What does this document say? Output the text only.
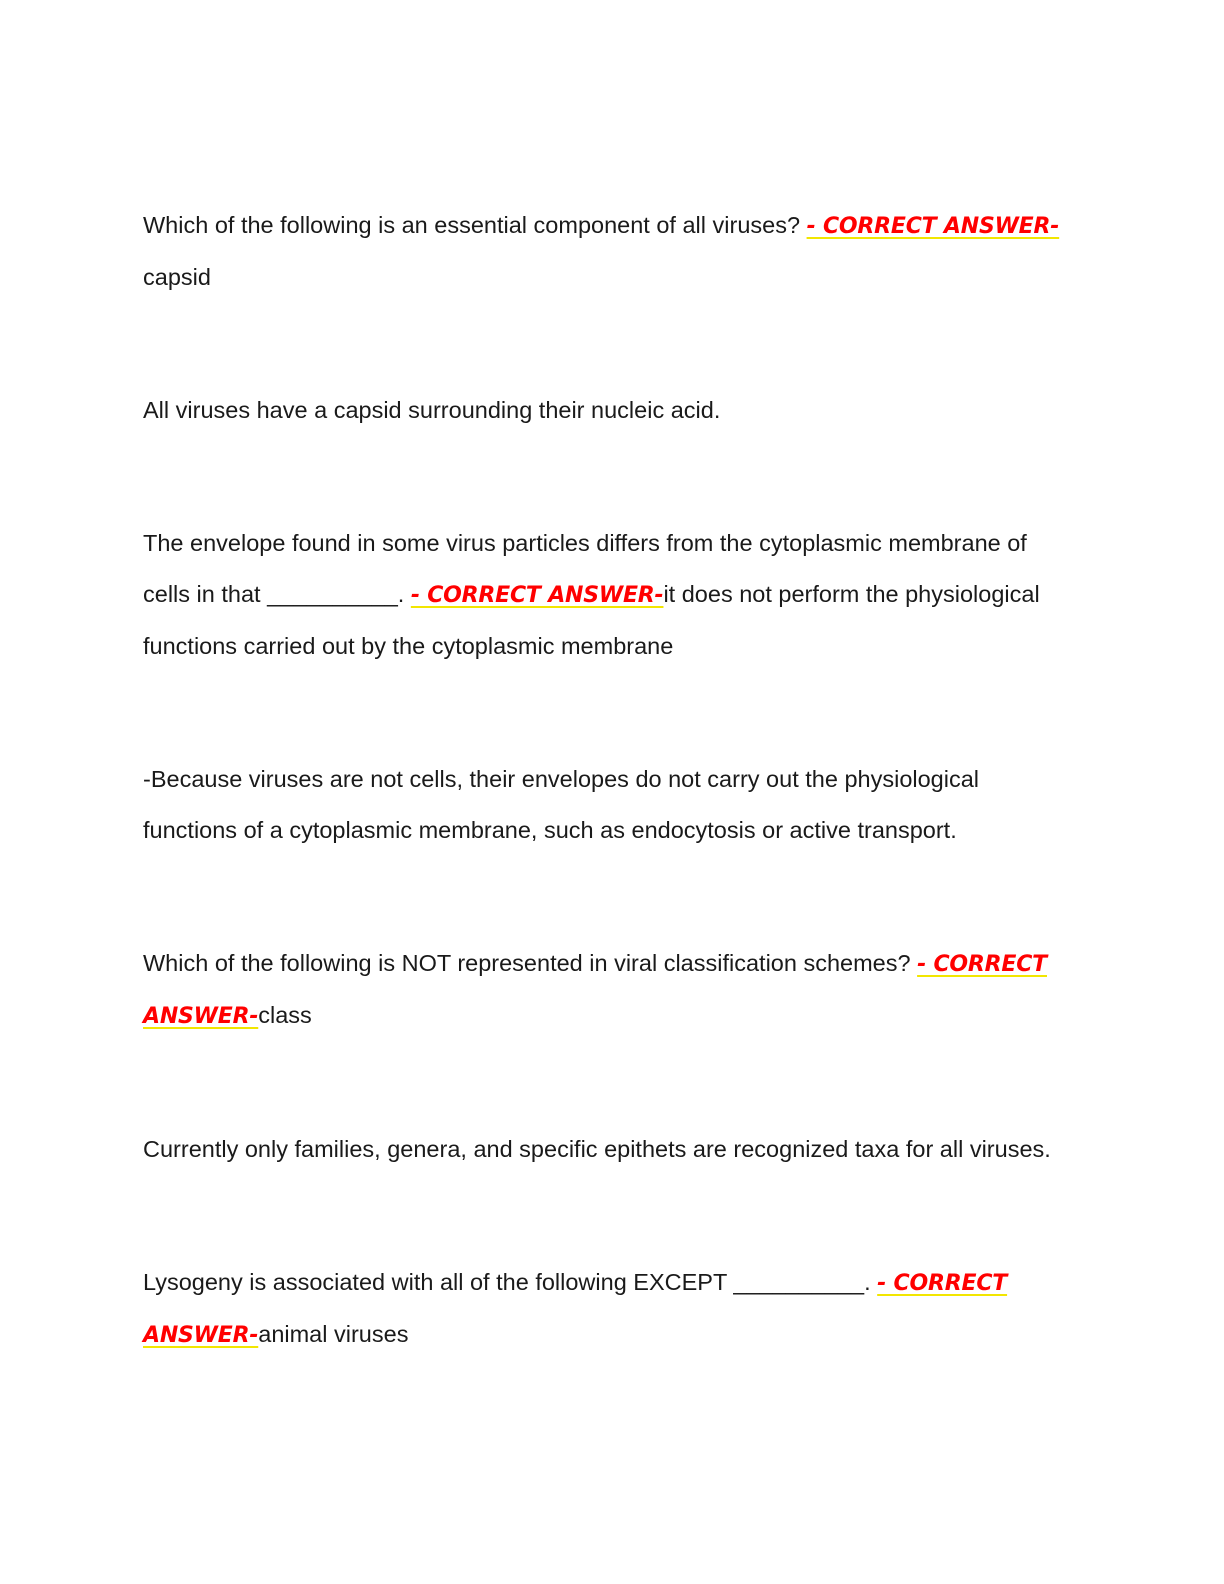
Which of the following is an essential component of all viruses? - CORRECT ANSWER-capsid

All viruses have a capsid surrounding their nucleic acid.

The envelope found in some virus particles differs from the cytoplasmic membrane of cells in that __________. - CORRECT ANSWER-it does not perform the physiological functions carried out by the cytoplasmic membrane

-Because viruses are not cells, their envelopes do not carry out the physiological functions of a cytoplasmic membrane, such as endocytosis or active transport.

Which of the following is NOT represented in viral classification schemes? - CORRECT ANSWER-class

Currently only families, genera, and specific epithets are recognized taxa for all viruses.

Lysogeny is associated with all of the following EXCEPT __________. - CORRECT ANSWER-animal viruses
